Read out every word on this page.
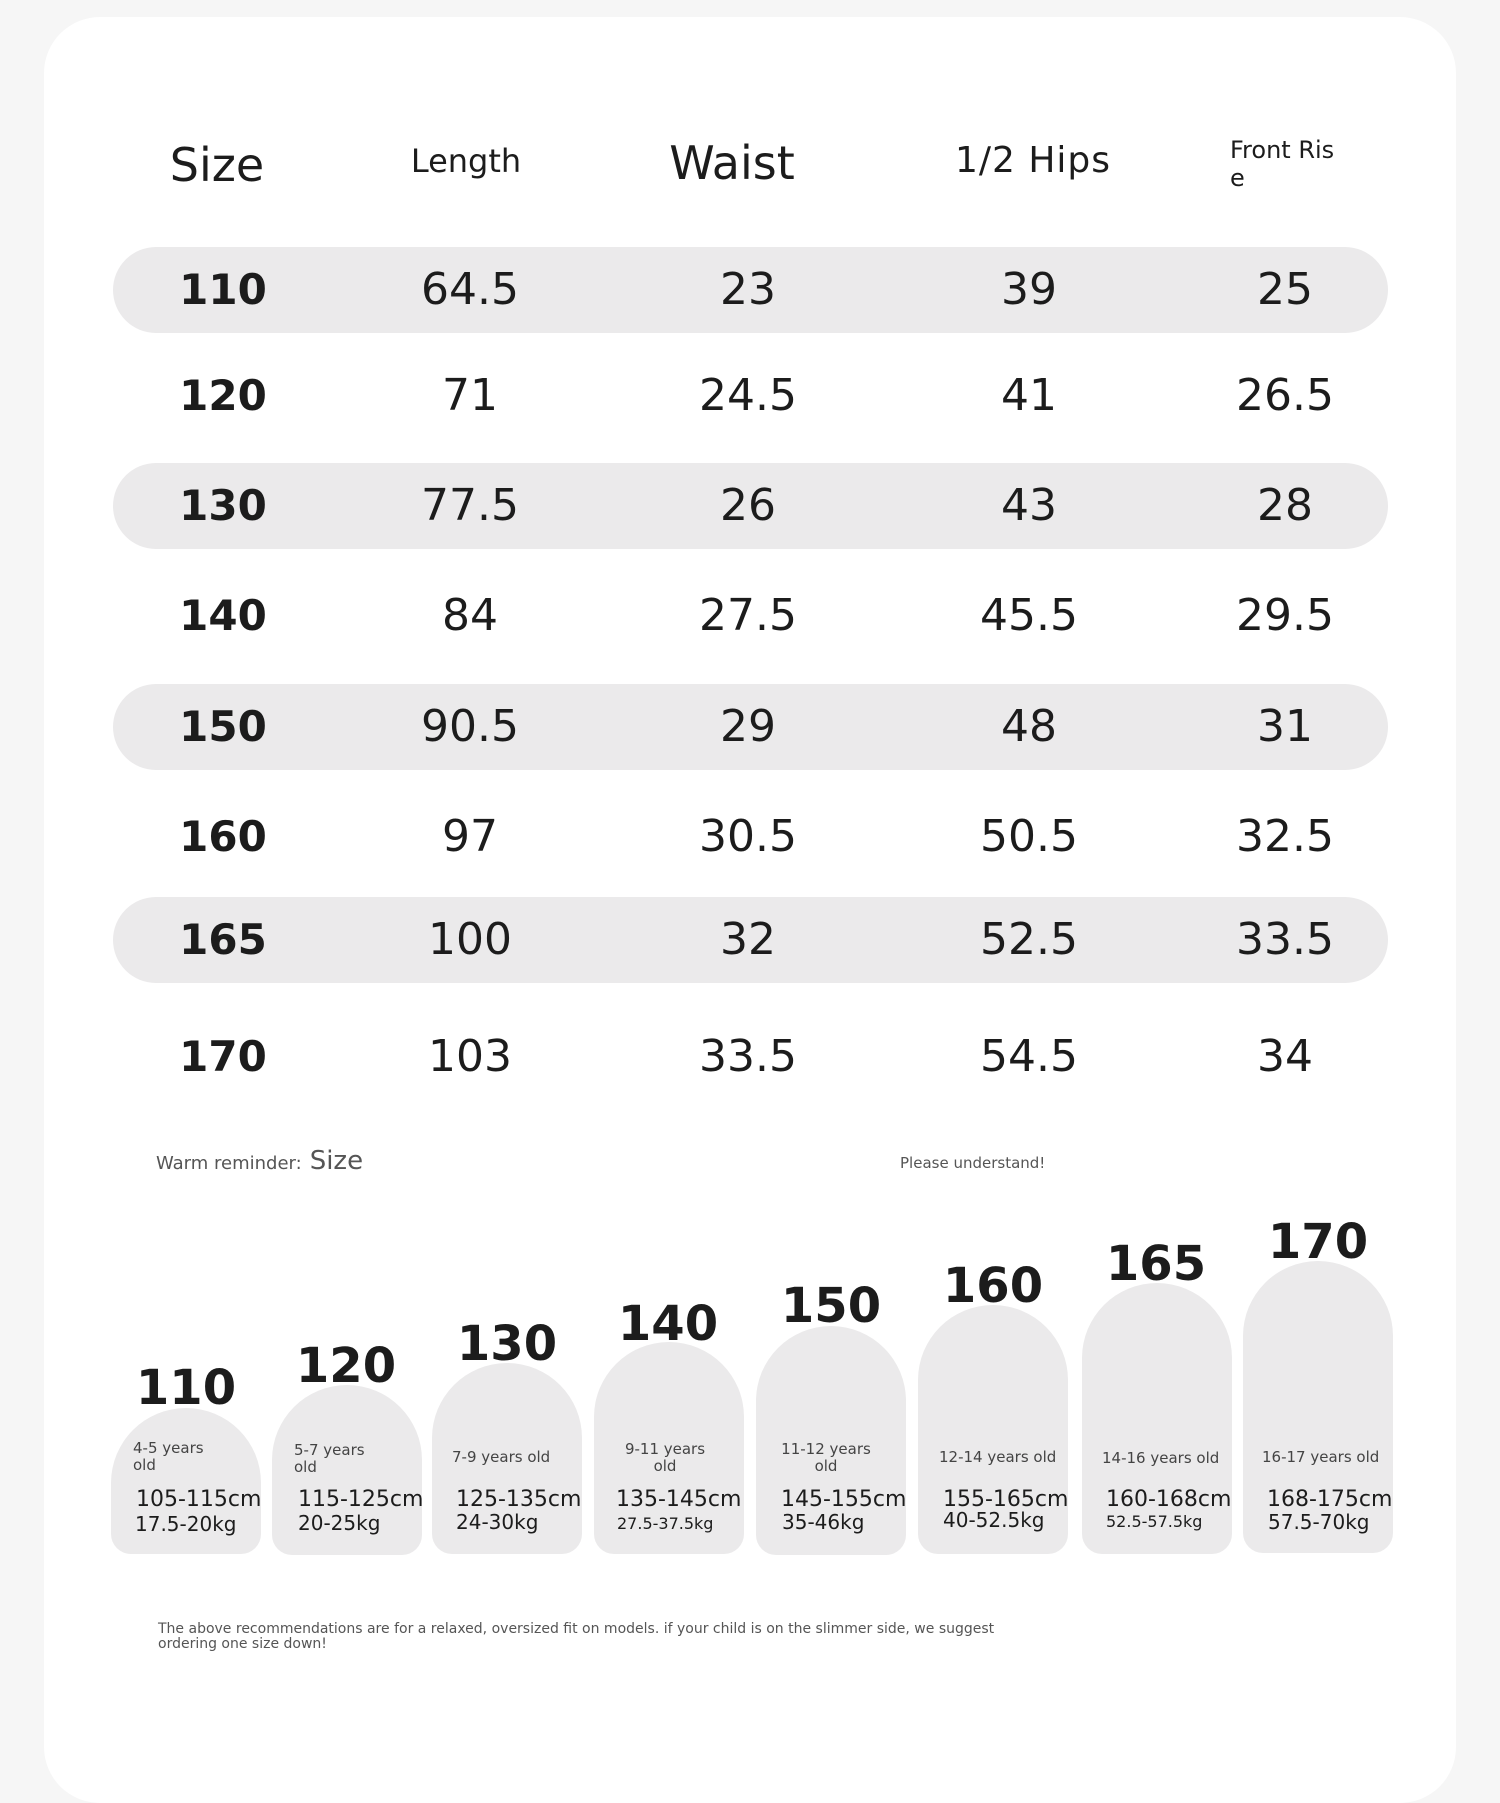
Size	Length	Waist	1/2 Hips	Front Rise
110	64.5	23	39	25
120	71	24.5	41	26.5
130	77.5	26	43	28
140	84	27.5	45.5	29.5
150	90.5	29	48	31
160	97	30.5	50.5	32.5
165	100	32	52.5	33.5
170	103	33.5	54.5	34
Warm reminder: Size	Please understand!
110
4-5 years old
105-115cm
17.5-20kg
120
5-7 years old
115-125cm
20-25kg
130
7-9 years old
125-135cm
24-30kg
140
9-11 years old
135-145cm
27.5-37.5kg
150
11-12 years old
145-155cm
35-46kg
160
12-14 years old
155-165cm
40-52.5kg
165
14-16 years old
160-168cm
52.5-57.5kg
170
16-17 years old
168-175cm
57.5-70kg
The above recommendations are for a relaxed, oversized fit on models. if your child is on the slimmer side, we suggest ordering one size down!
